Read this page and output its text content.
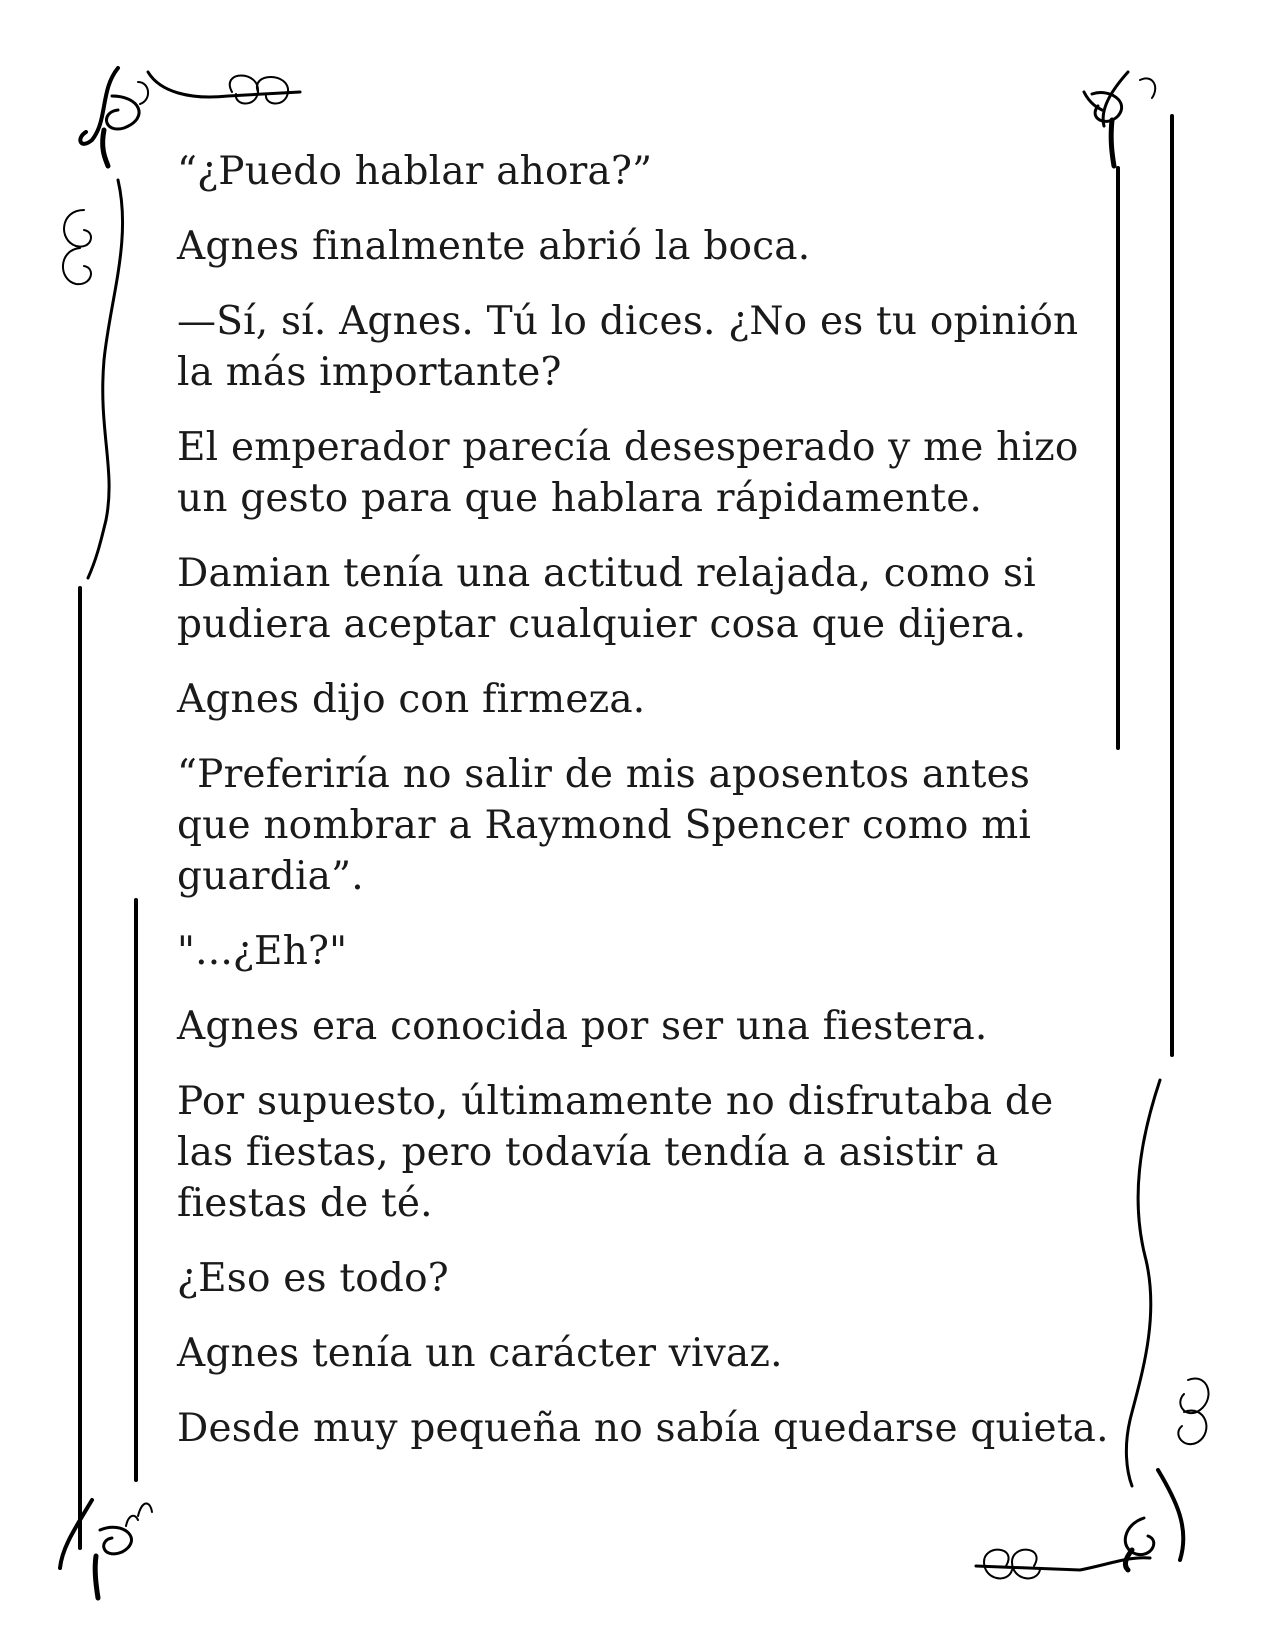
“¿Puedo hablar ahora?”

Agnes finalmente abrió la boca.

—Sí, sí. Agnes. Tú lo dices. ¿No es tu opinión la más importante?

El emperador parecía desesperado y me hizo un gesto para que hablara rápidamente.

Damian tenía una actitud relajada, como si pudiera aceptar cualquier cosa que dijera.

Agnes dijo con firmeza.

“Preferiría no salir de mis aposentos antes que nombrar a Raymond Spencer como mi guardia”.

"...¿Eh?"

Agnes era conocida por ser una fiestera.

Por supuesto, últimamente no disfrutaba de las fiestas, pero todavía tendía a asistir a fiestas de té.

¿Eso es todo?

Agnes tenía un carácter vivaz.

Desde muy pequeña no sabía quedarse quieta.
